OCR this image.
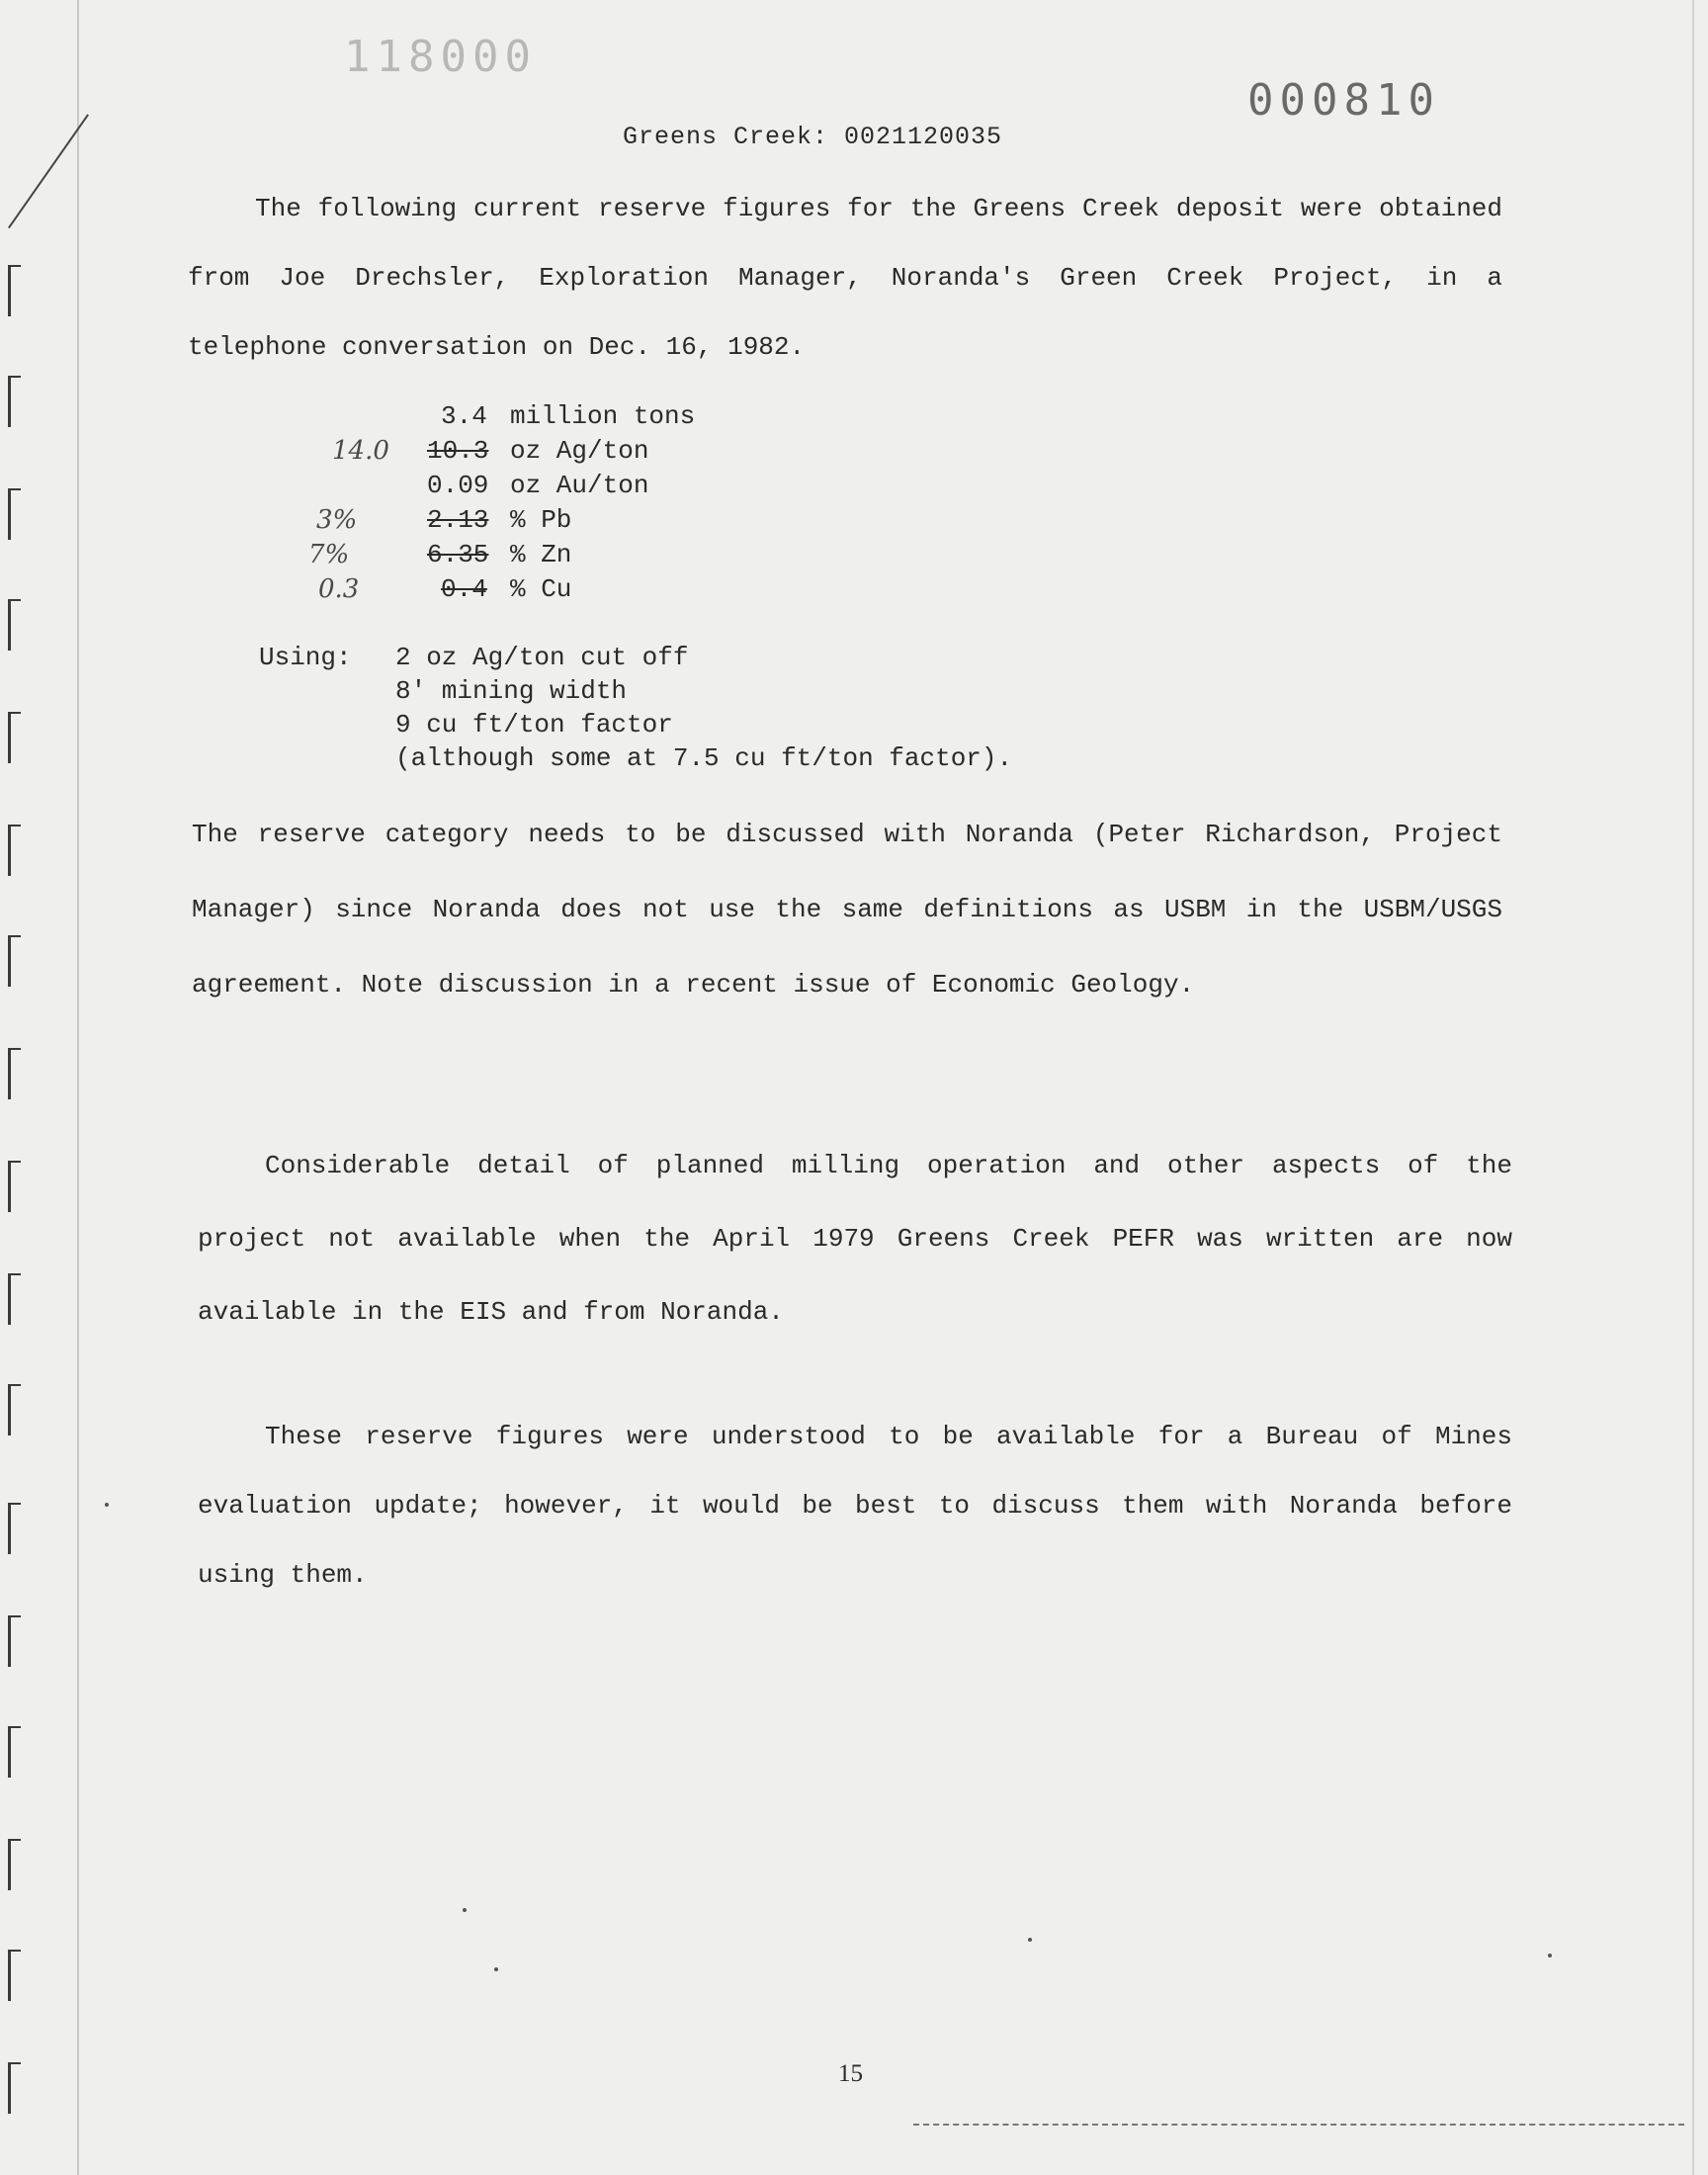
118000
000810
Greens Creek: 0021120035

The following current reserve figures for the Greens Creek deposit were obtained from Joe Drechsler, Exploration Manager, Noranda's Green Creek Project, in a telephone conversation on Dec. 16, 1982.

3.4 million tons
14.0 10.3 oz Ag/ton
0.09 oz Au/ton
3%	2.13 % Pb
7%	6.35 % Zn
0.3	0.4 % Cu
Using: 2 oz Ag/ton cut off
8' mining width
9 cu ft/ton factor
(although some at 7.5 cu ft/ton factor).

The reserve category needs to be discussed with Noranda (Peter Richardson, Project Manager) since Noranda does not use the same definitions as USBM in the USBM/USGS agreement. Note discussion in a recent issue of Economic Geology.

Considerable detail of planned milling operation and other aspects of the project not available when the April 1979 Greens Creek PEFR was written are now available in the EIS and from Noranda.

These reserve figures were understood to be available for a Bureau of Mines evaluation update; however, it would be best to discuss them with Noranda before using them.

15
